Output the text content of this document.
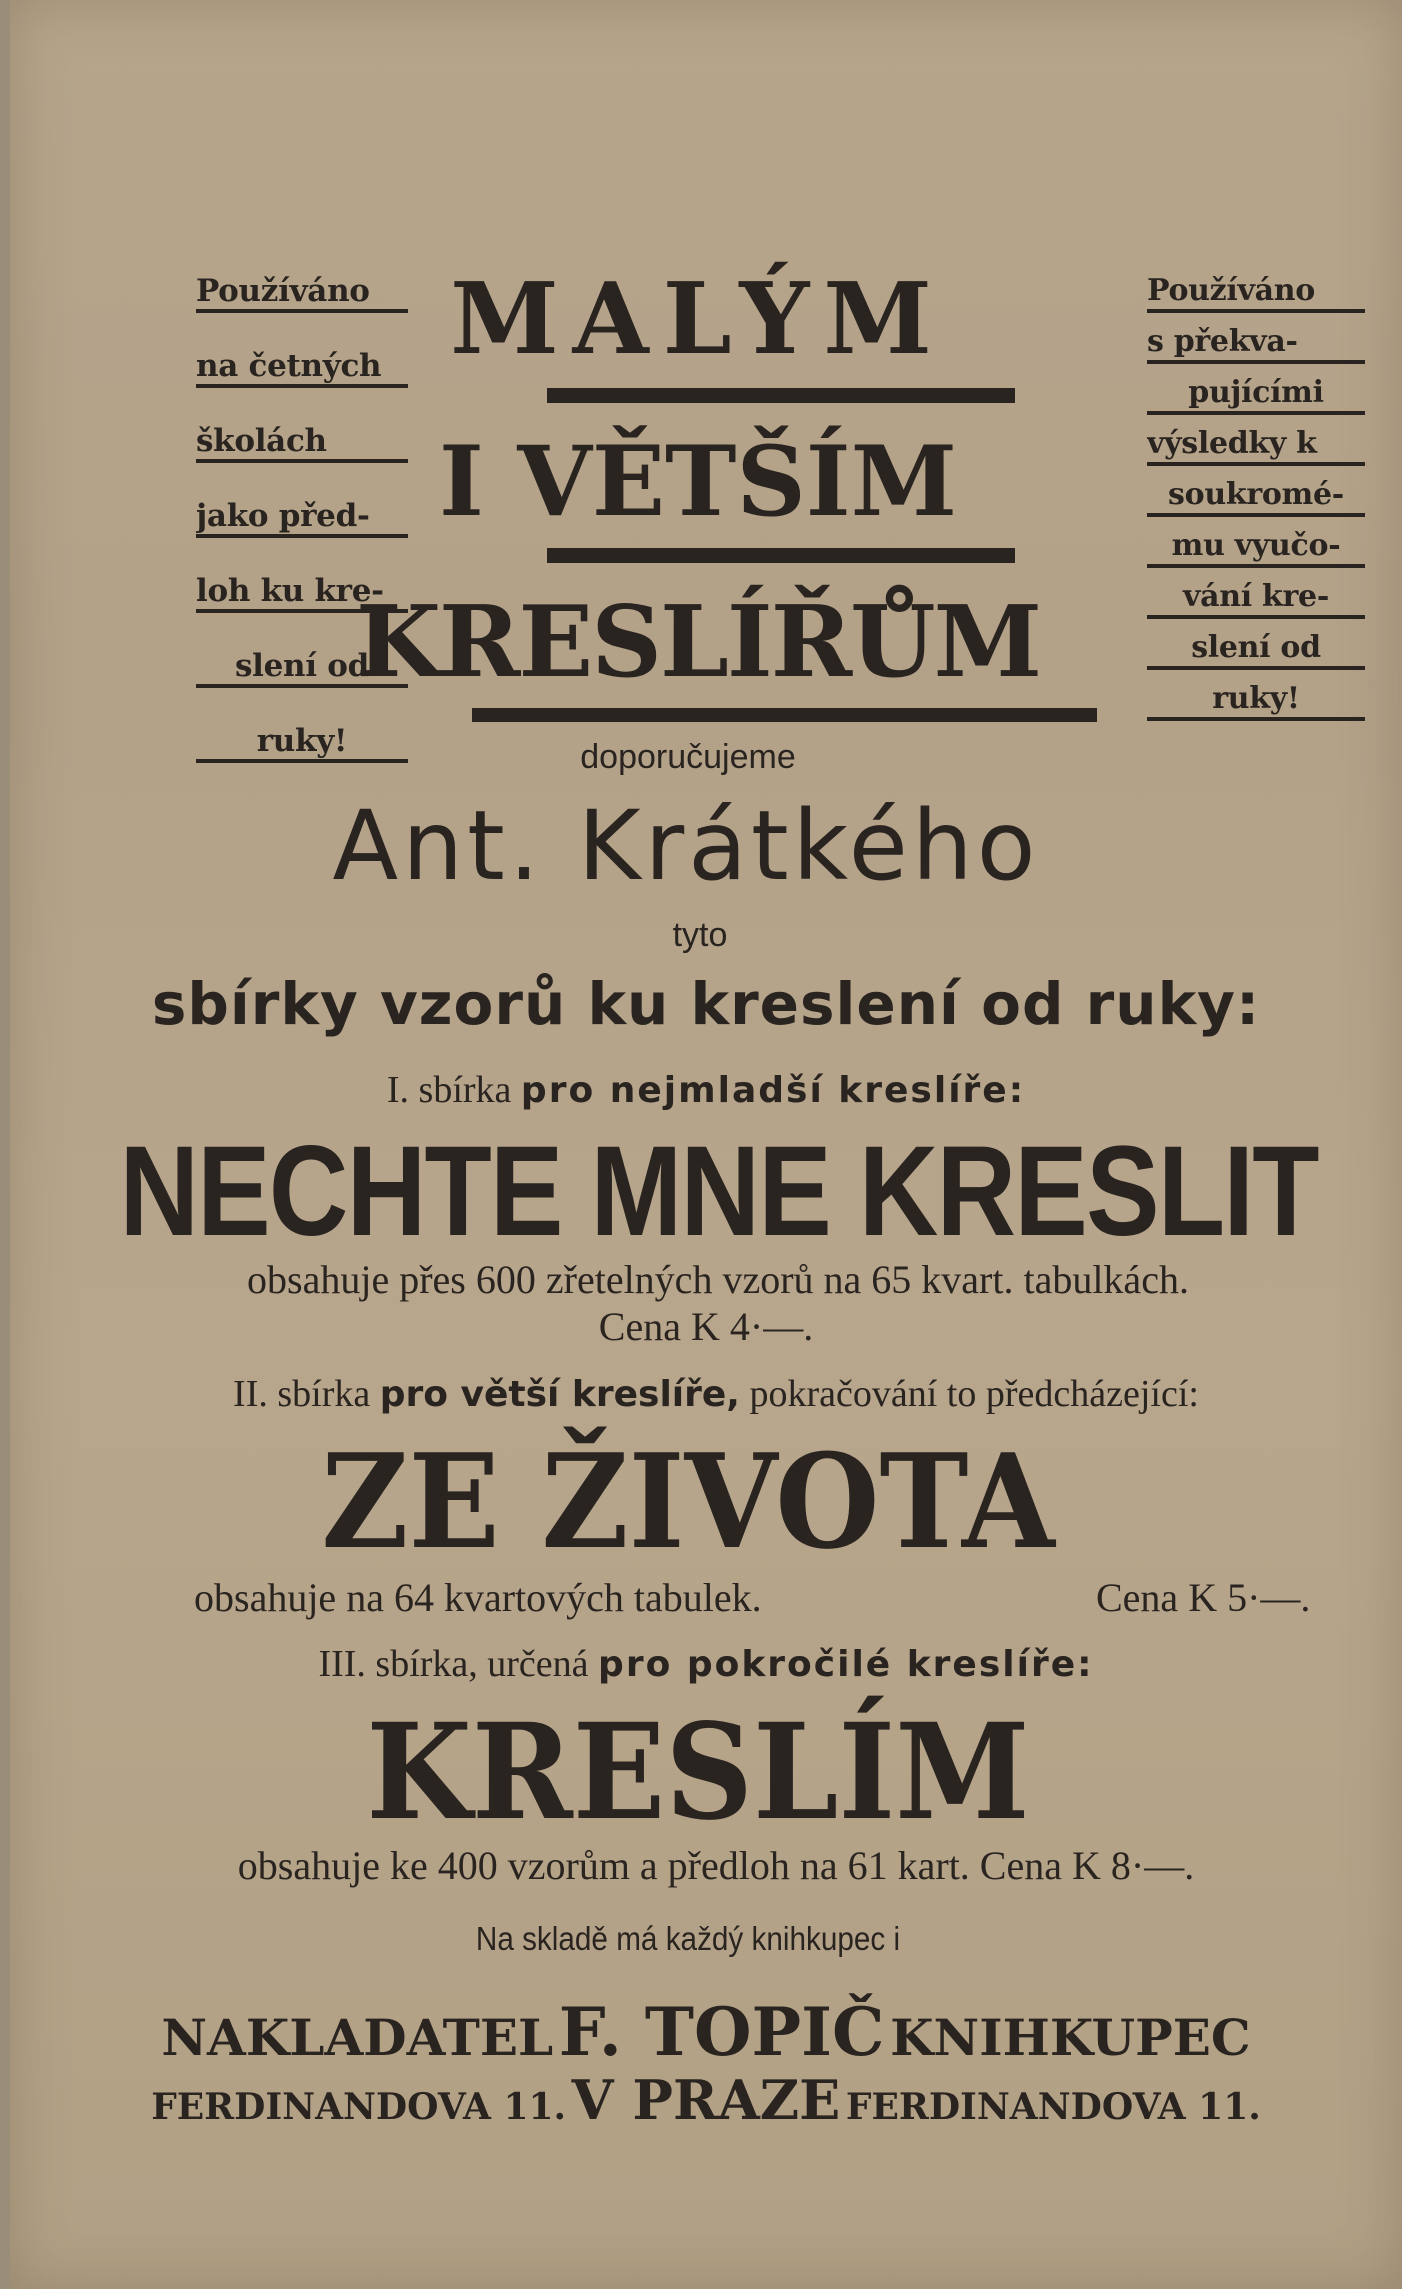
Používáno
na četných
školách
jako před-
loh ku kre-
slení od
ruky!
Používáno
s překva-
pujícími
výsledky k
soukromé-
mu vyučo-
vání kre-
slení od
ruky!
MALÝM
I VĚTŠÍM
KRESLÍŘŮM
doporučujeme
Ant. Krátkého
tyto
sbírky vzorů ku kreslení od ruky:
I. sbírka pro nejmladší kreslíře:
NECHTE MNE KRESLIT
obsahuje přes 600 zřetelných vzorů na 65 kvart. tabulkách.
Cena K 4·—.
II. sbírka pro větší kreslíře, pokračování to předcházející:
ZE ŽIVOTA
obsahuje na 64 kvartových tabulek.	Cena K 5·—.
III. sbírka, určená pro pokročilé kreslíře:
KRESLÍM
obsahuje ke 400 vzorům a předloh na 61 kart. Cena K 8·—.
Na skladě má každý knihkupec i
NAKLADATEL F. TOPIČ KNIHKUPEC
FERDINANDOVA 11. V PRAZE FERDINANDOVA 11.
